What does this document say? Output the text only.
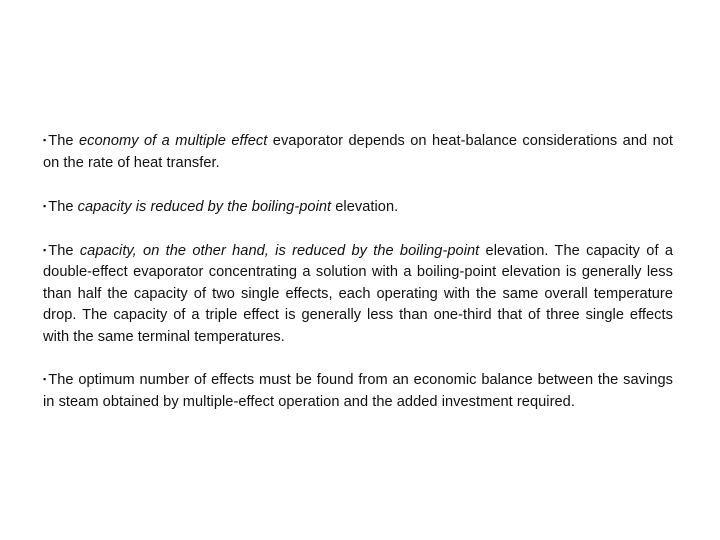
▪ The economy of a multiple effect evaporator depends on heat-balance considerations and not on the rate of heat transfer.

▪ The capacity is reduced by the boiling-point elevation.

▪ The capacity, on the other hand, is reduced by the boiling-point elevation. The capacity of a double-effect evaporator concentrating a solution with a boiling-point elevation is generally less than half the capacity of two single effects, each operating with the same overall temperature drop. The capacity of a triple effect is generally less than one-third that of three single effects with the same terminal temperatures.

▪ The optimum number of effects must be found from an economic balance between the savings in steam obtained by multiple-effect operation and the added investment required.
